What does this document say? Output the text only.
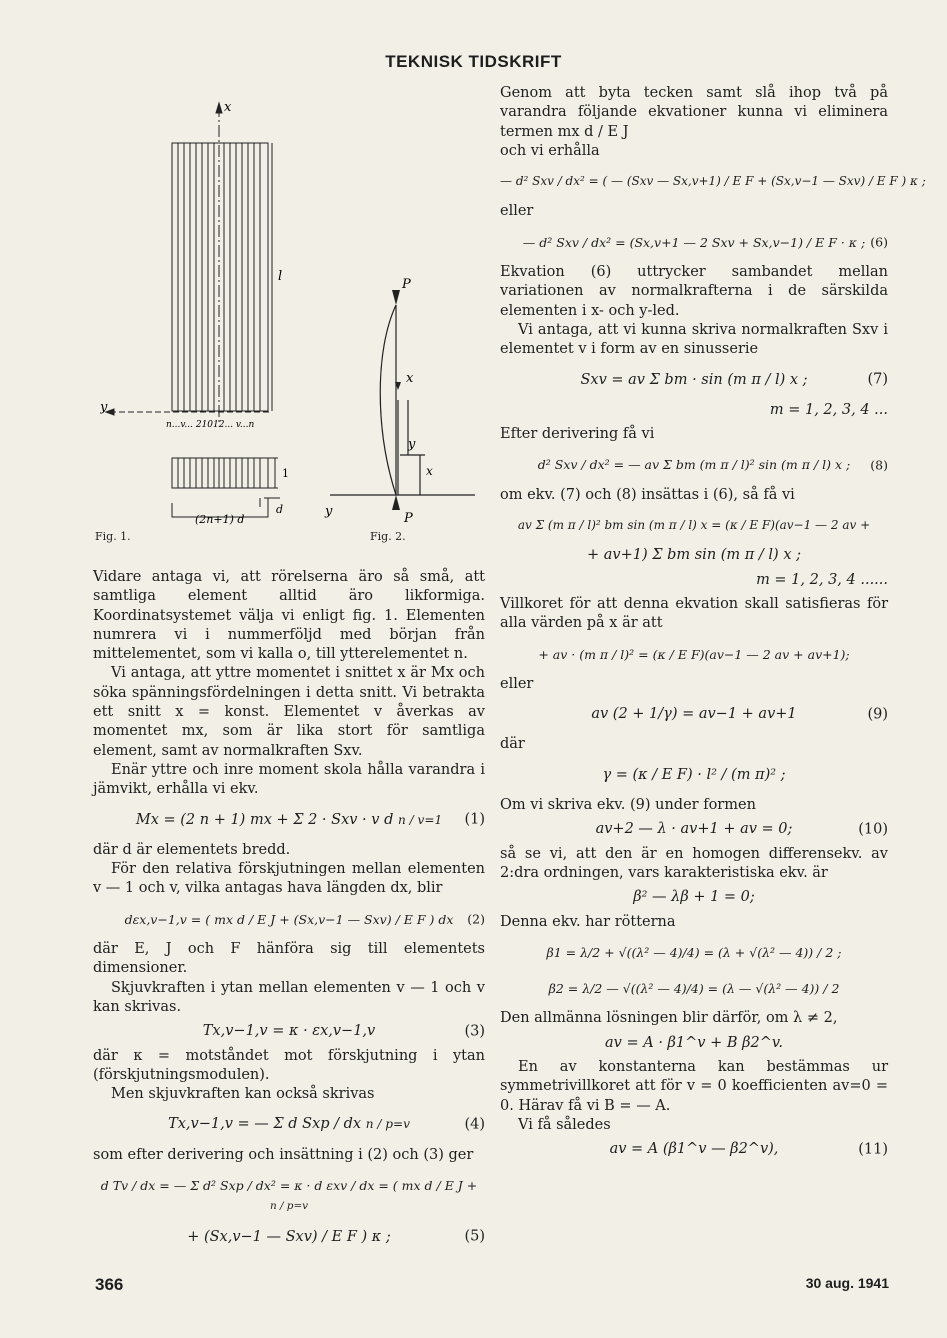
TEKNISK TIDSKRIFT
x
y
l
1
d
n...v... 21012... v...n
(2n+1) d
P
x
y
x
y	P
Fig. 1.	Fig. 2.

Vidare antaga vi, att rörelserna äro så små, att samtliga element alltid äro likformiga. Koordinatsystemet välja vi enligt fig. 1. Elementen numrera vi i nummerföljd med början från mittelementet, som vi kalla o, till ytterelementet n.

Vi antaga, att yttre momentet i snittet x är Mx och söka spänningsfördelningen i detta snitt. Vi betrakta ett snitt x = konst. Elementet v åverkas av momentet mx, som är lika stort för samtliga element, samt av normalkraften Sxv.

Enär yttre och inre moment skola hålla varandra i jämvikt, erhålla vi ekv.

Mx = (2 n + 1) mx + Σ 2 · Sxv · v d n / v=1 (1)

där d är elementets bredd.

För den relativa förskjutningen mellan elementen v — 1 och v, vilka antagas hava längden dx, blir

dεx,v−1,v = ( mx d / E J + (Sx,v−1 — Sxv) / E F ) dx (2)

där E, J och F hänföra sig till elementets dimensioner.

Skjuvkraften i ytan mellan elementen v — 1 och v kan skrivas.

Tx,v−1,v = κ · εx,v−1,v	(3)

där κ = motståndet mot förskjutning i ytan (förskjutningsmodulen).

Men skjuvkraften kan också skrivas

Tx,v−1,v = — Σ d Sxp / dx n / p=v	(4)

som efter derivering och insättning i (2) och (3) ger

d Tv / dx = — Σ d² Sxp / dx² = κ · d εxv / dx = ( mx d / E J +
n / p=v
+ (Sx,v−1 — Sxv) / E F ) κ ;	(5)

Genom att byta tecken samt slå ihop två på varandra följande ekvationer kunna vi eliminera termen mx d / E J

och vi erhålla

— d² Sxv / dx² = ( — (Sxv — Sx,v+1) / E F + (Sx,v−1 — Sxv) / E F ) κ ;

eller

— d² Sxv / dx² = (Sx,v+1 — 2 Sxv + Sx,v−1) / E F · κ ; (6)

Ekvation (6) uttrycker sambandet mellan variationen av normalkrafterna i de särskilda elementen i x- och y-led.

Vi antaga, att vi kunna skriva normalkraften Sxv i elementet v i form av en sinusserie

Sxv = av Σ bm · sin (m π / l) x ;	(7)
m = 1, 2, 3, 4 ...

Efter derivering få vi

d² Sxv / dx² = — av Σ bm (m π / l)² sin (m π / l) x ; (8)

om ekv. (7) och (8) insättas i (6), så få vi

av Σ (m π / l)² bm sin (m π / l) x = (κ / E F)(av−1 — 2 av +
+ av+1) Σ bm sin (m π / l) x ;
m = 1, 2, 3, 4 ......

Villkoret för att denna ekvation skall satisfieras för alla värden på x är att

+ av · (m π / l)² = (κ / E F)(av−1 — 2 av + av+1);

eller

av (2 + 1/γ) = av−1 + av+1	(9)

där

γ = (κ / E F) · l² / (m π)² ;

Om vi skriva ekv. (9) under formen

av+2 — λ · av+1 + av = 0;	(10)

så se vi, att den är en homogen differensekv. av 2:dra ordningen, vars karakteristiska ekv. är

β² — λβ + 1 = 0;

Denna ekv. har rötterna

β1 = λ/2 + √((λ² — 4)/4) = (λ + √(λ² — 4)) / 2 ;
β2 = λ/2 — √((λ² — 4)/4) = (λ — √(λ² — 4)) / 2

Den allmänna lösningen blir därför, om λ ≠ 2,

av = A · β1^v + B β2^v.

En av konstanterna kan bestämmas ur symmetrivillkoret att för v = 0 koefficienten av=0 = 0. Härav få vi B = — A.

Vi få således

av = A (β1^v — β2^v),	(11)
366	30 aug. 1941
